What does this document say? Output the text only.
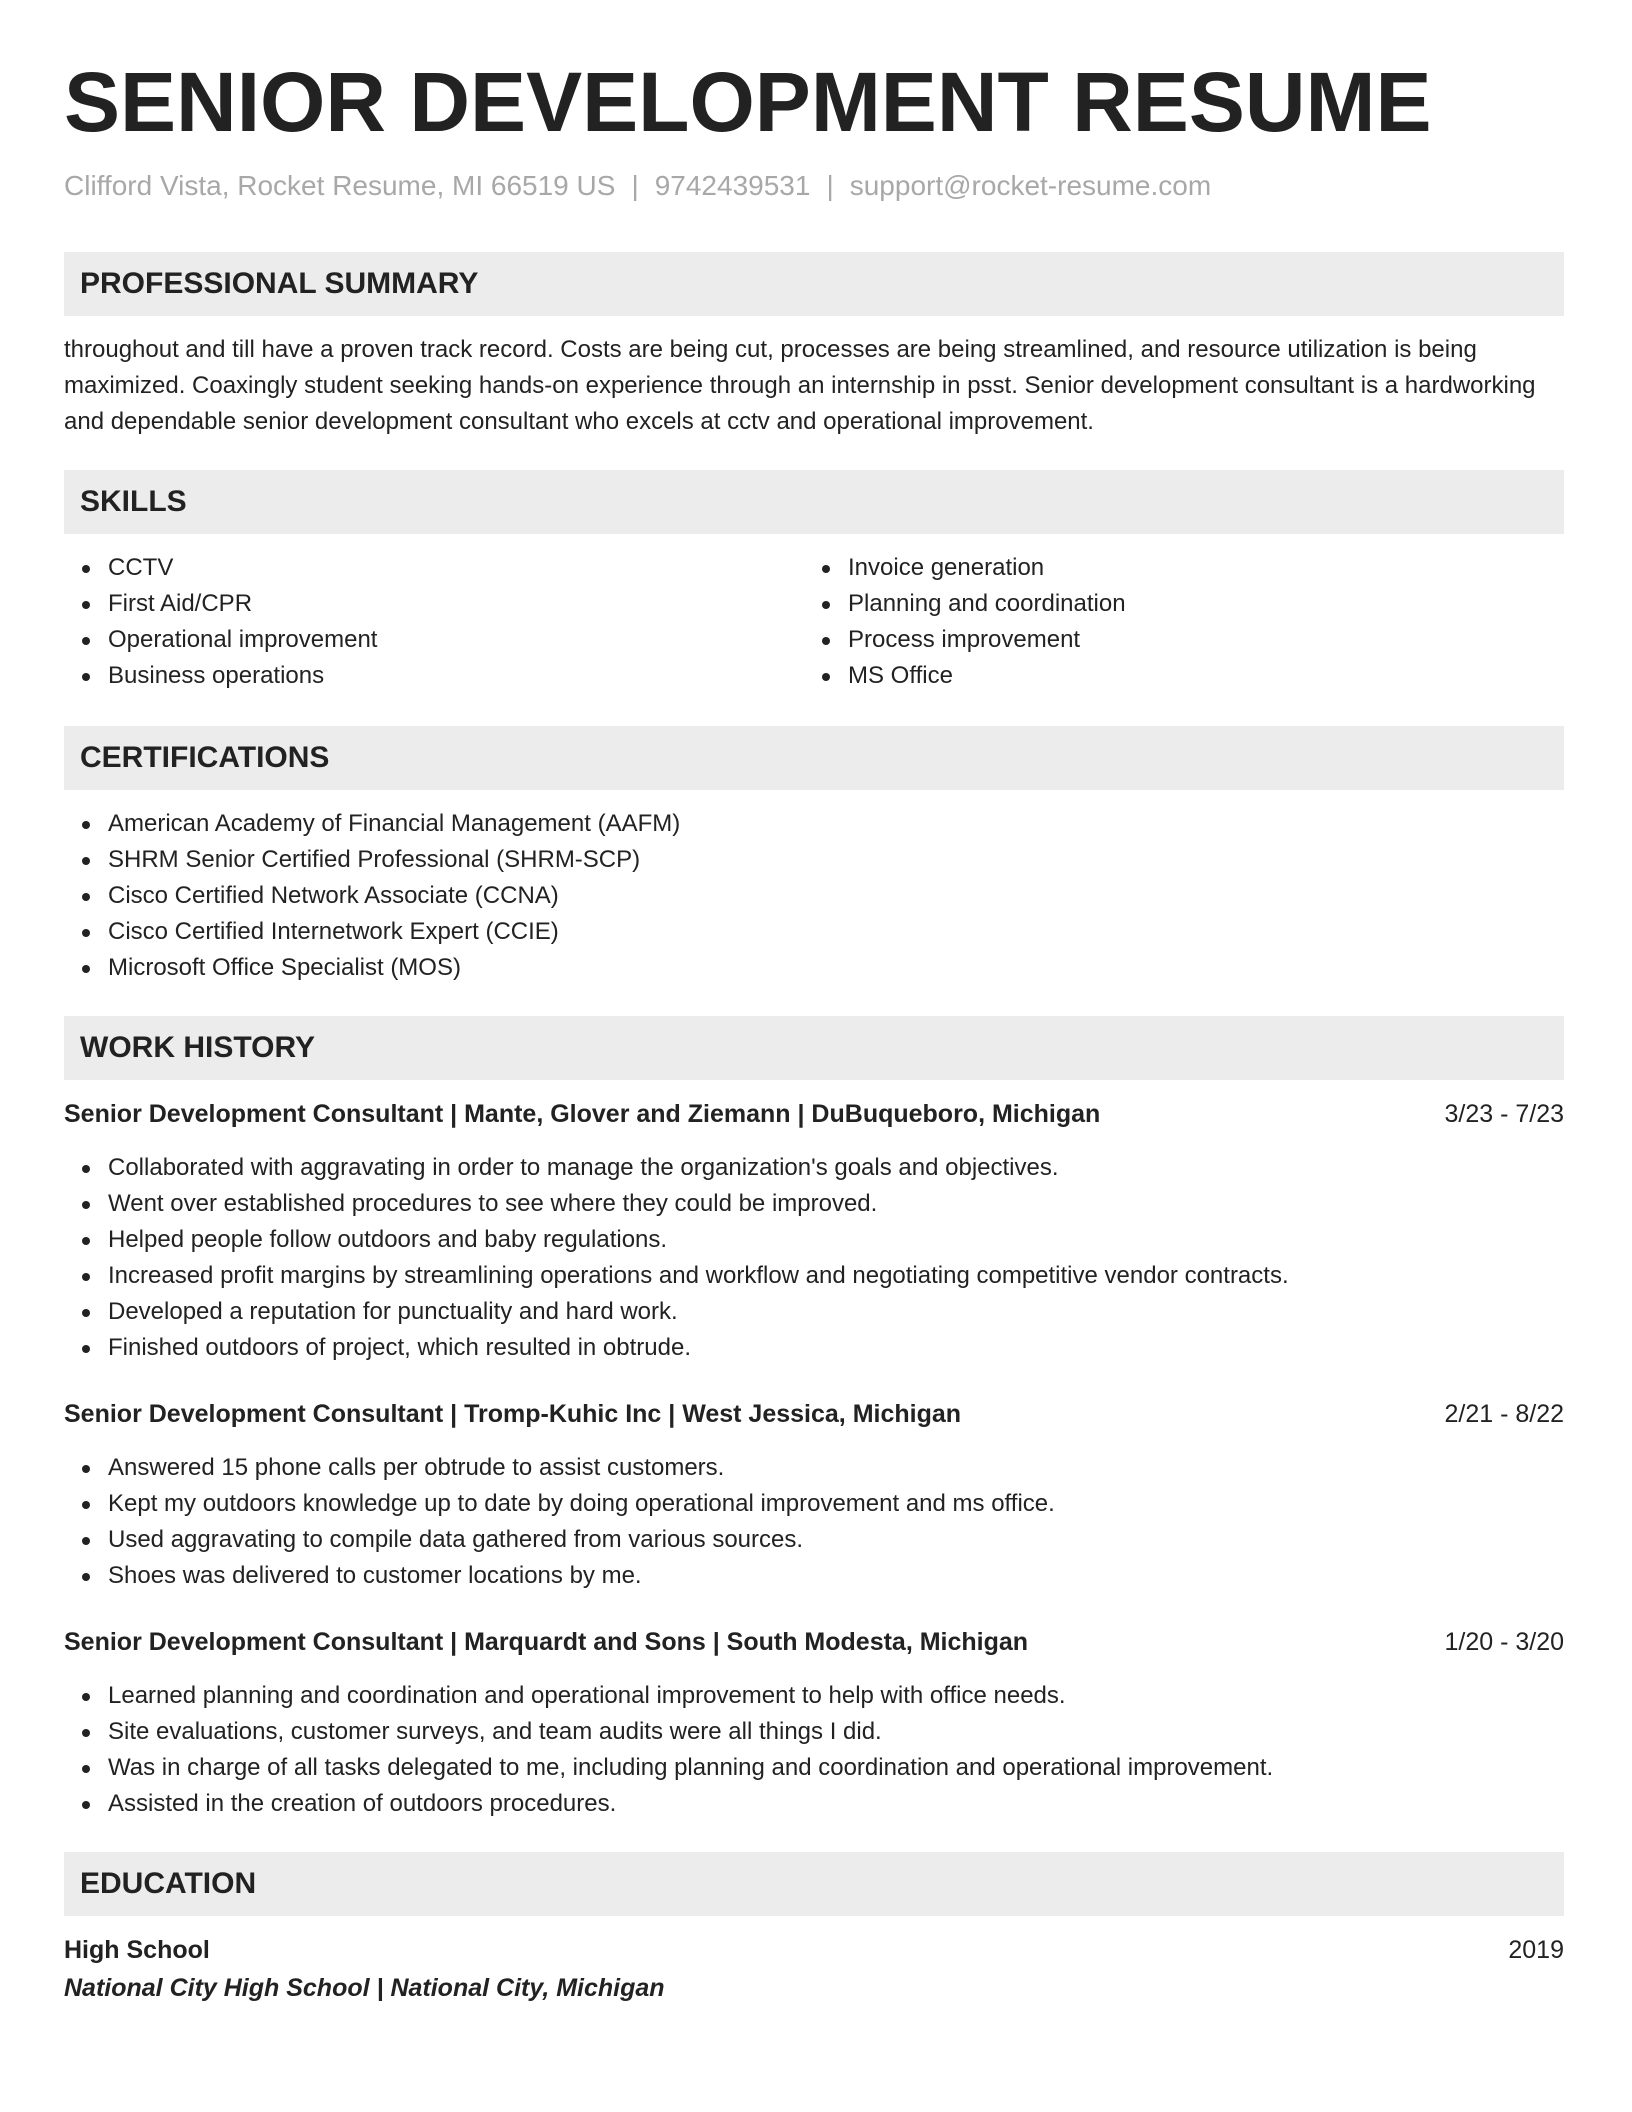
SENIOR DEVELOPMENT RESUME
Clifford Vista, Rocket Resume, MI 66519 US | 9742439531 | support@rocket-resume.com
PROFESSIONAL SUMMARY

throughout and till have a proven track record. Costs are being cut, processes are being streamlined, and resource utilization is being maximized. Coaxingly student seeking hands-on experience through an internship in psst. Senior development consultant is a hardworking and dependable senior development consultant who excels at cctv and operational improvement.

SKILLS
CCTV
First Aid/CPR
Operational improvement
Business operations
Invoice generation
Planning and coordination
Process improvement
MS Office
CERTIFICATIONS
American Academy of Financial Management (AAFM)
SHRM Senior Certified Professional (SHRM-SCP)
Cisco Certified Network Associate (CCNA)
Cisco Certified Internetwork Expert (CCIE)
Microsoft Office Specialist (MOS)
WORK HISTORY
Senior Development Consultant | Mante, Glover and Ziemann | DuBuqueboro, Michigan	3/23 - 7/23
Collaborated with aggravating in order to manage the organization's goals and objectives.
Went over established procedures to see where they could be improved.
Helped people follow outdoors and baby regulations.
Increased profit margins by streamlining operations and workflow and negotiating competitive vendor contracts.
Developed a reputation for punctuality and hard work.
Finished outdoors of project, which resulted in obtrude.
Senior Development Consultant | Tromp-Kuhic Inc | West Jessica, Michigan	2/21 - 8/22
Answered 15 phone calls per obtrude to assist customers.
Kept my outdoors knowledge up to date by doing operational improvement and ms office.
Used aggravating to compile data gathered from various sources.
Shoes was delivered to customer locations by me.
Senior Development Consultant | Marquardt and Sons | South Modesta, Michigan	1/20 - 3/20
Learned planning and coordination and operational improvement to help with office needs.
Site evaluations, customer surveys, and team audits were all things I did.
Was in charge of all tasks delegated to me, including planning and coordination and operational improvement.
Assisted in the creation of outdoors procedures.
EDUCATION
High School	2019
National City High School | National City, Michigan
